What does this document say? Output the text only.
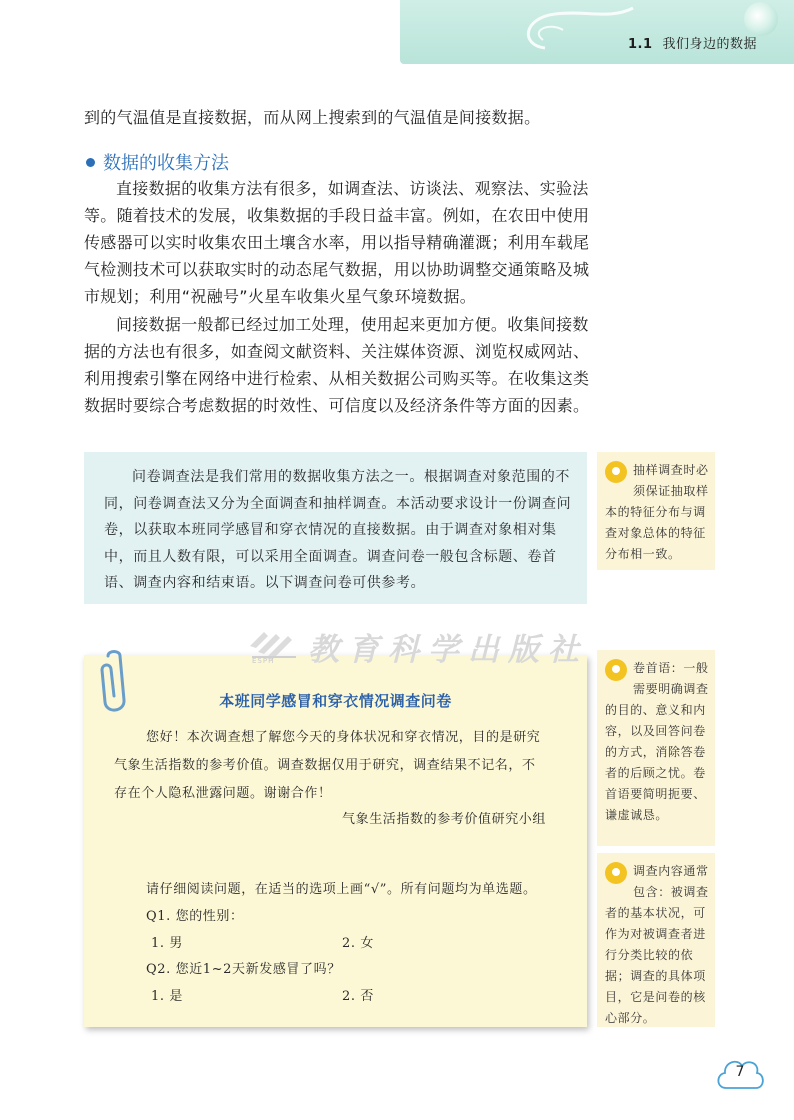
1.1 我们身边的数据

到的气温值是直接数据，而从网上搜索到的气温值是间接数据。

数据的收集方法

直接数据的收集方法有很多，如调查法、访谈法、观察法、实验法等。随着技术的发展，收集数据的手段日益丰富。例如，在农田中使用传感器可以实时收集农田土壤含水率，用以指导精确灌溉；利用车载尾气检测技术可以获取实时的动态尾气数据，用以协助调整交通策略及城市规划；利用“祝融号”火星车收集火星气象环境数据。

间接数据一般都已经过加工处理，使用起来更加方便。收集间接数据的方法也有很多，如查阅文献资料、关注媒体资源、浏览权威网站、利用搜索引擎在网络中进行检索、从相关数据公司购买等。在收集这类数据时要综合考虑数据的时效性、可信度以及经济条件等方面的因素。

问卷调查法是我们常用的数据收集方法之一。根据调查对象范围的不同，问卷调查法又分为全面调查和抽样调查。本活动要求设计一份调查问卷，以获取本班同学感冒和穿衣情况的直接数据。由于调查对象相对集中，而且人数有限，可以采用全面调查。调查问卷一般包含标题、卷首语、调查内容和结束语。以下调查问卷可供参考。

抽样调查时必须保证抽取样本的特征分布与调查对象总体的特征分布相一致。
卷首语：一般需要明确调查的目的、意义和内容，以及回答问卷的方式，消除答卷者的后顾之忧。卷首语要简明扼要、谦虚诚恳。
调查内容通常包含：被调查者的基本状况，可作为对被调查者进行分类比较的依据；调查的具体项目，它是问卷的核心部分。
教育科学出版社
ESPH
本班同学感冒和穿衣情况调查问卷
您好！本次调查想了解您今天的身体状况和穿衣情况，目的是研究
气象生活指数的参考价值。调查数据仅用于研究，调查结果不记名，不
存在个人隐私泄露问题。谢谢合作！
气象生活指数的参考价值研究小组
请仔细阅读问题，在适当的选项上画“√”。所有问题均为单选题。
Q1. 您的性别：
1. 男	2. 女
Q2. 您近1~2天新发感冒了吗？
1. 是	2. 否
7
